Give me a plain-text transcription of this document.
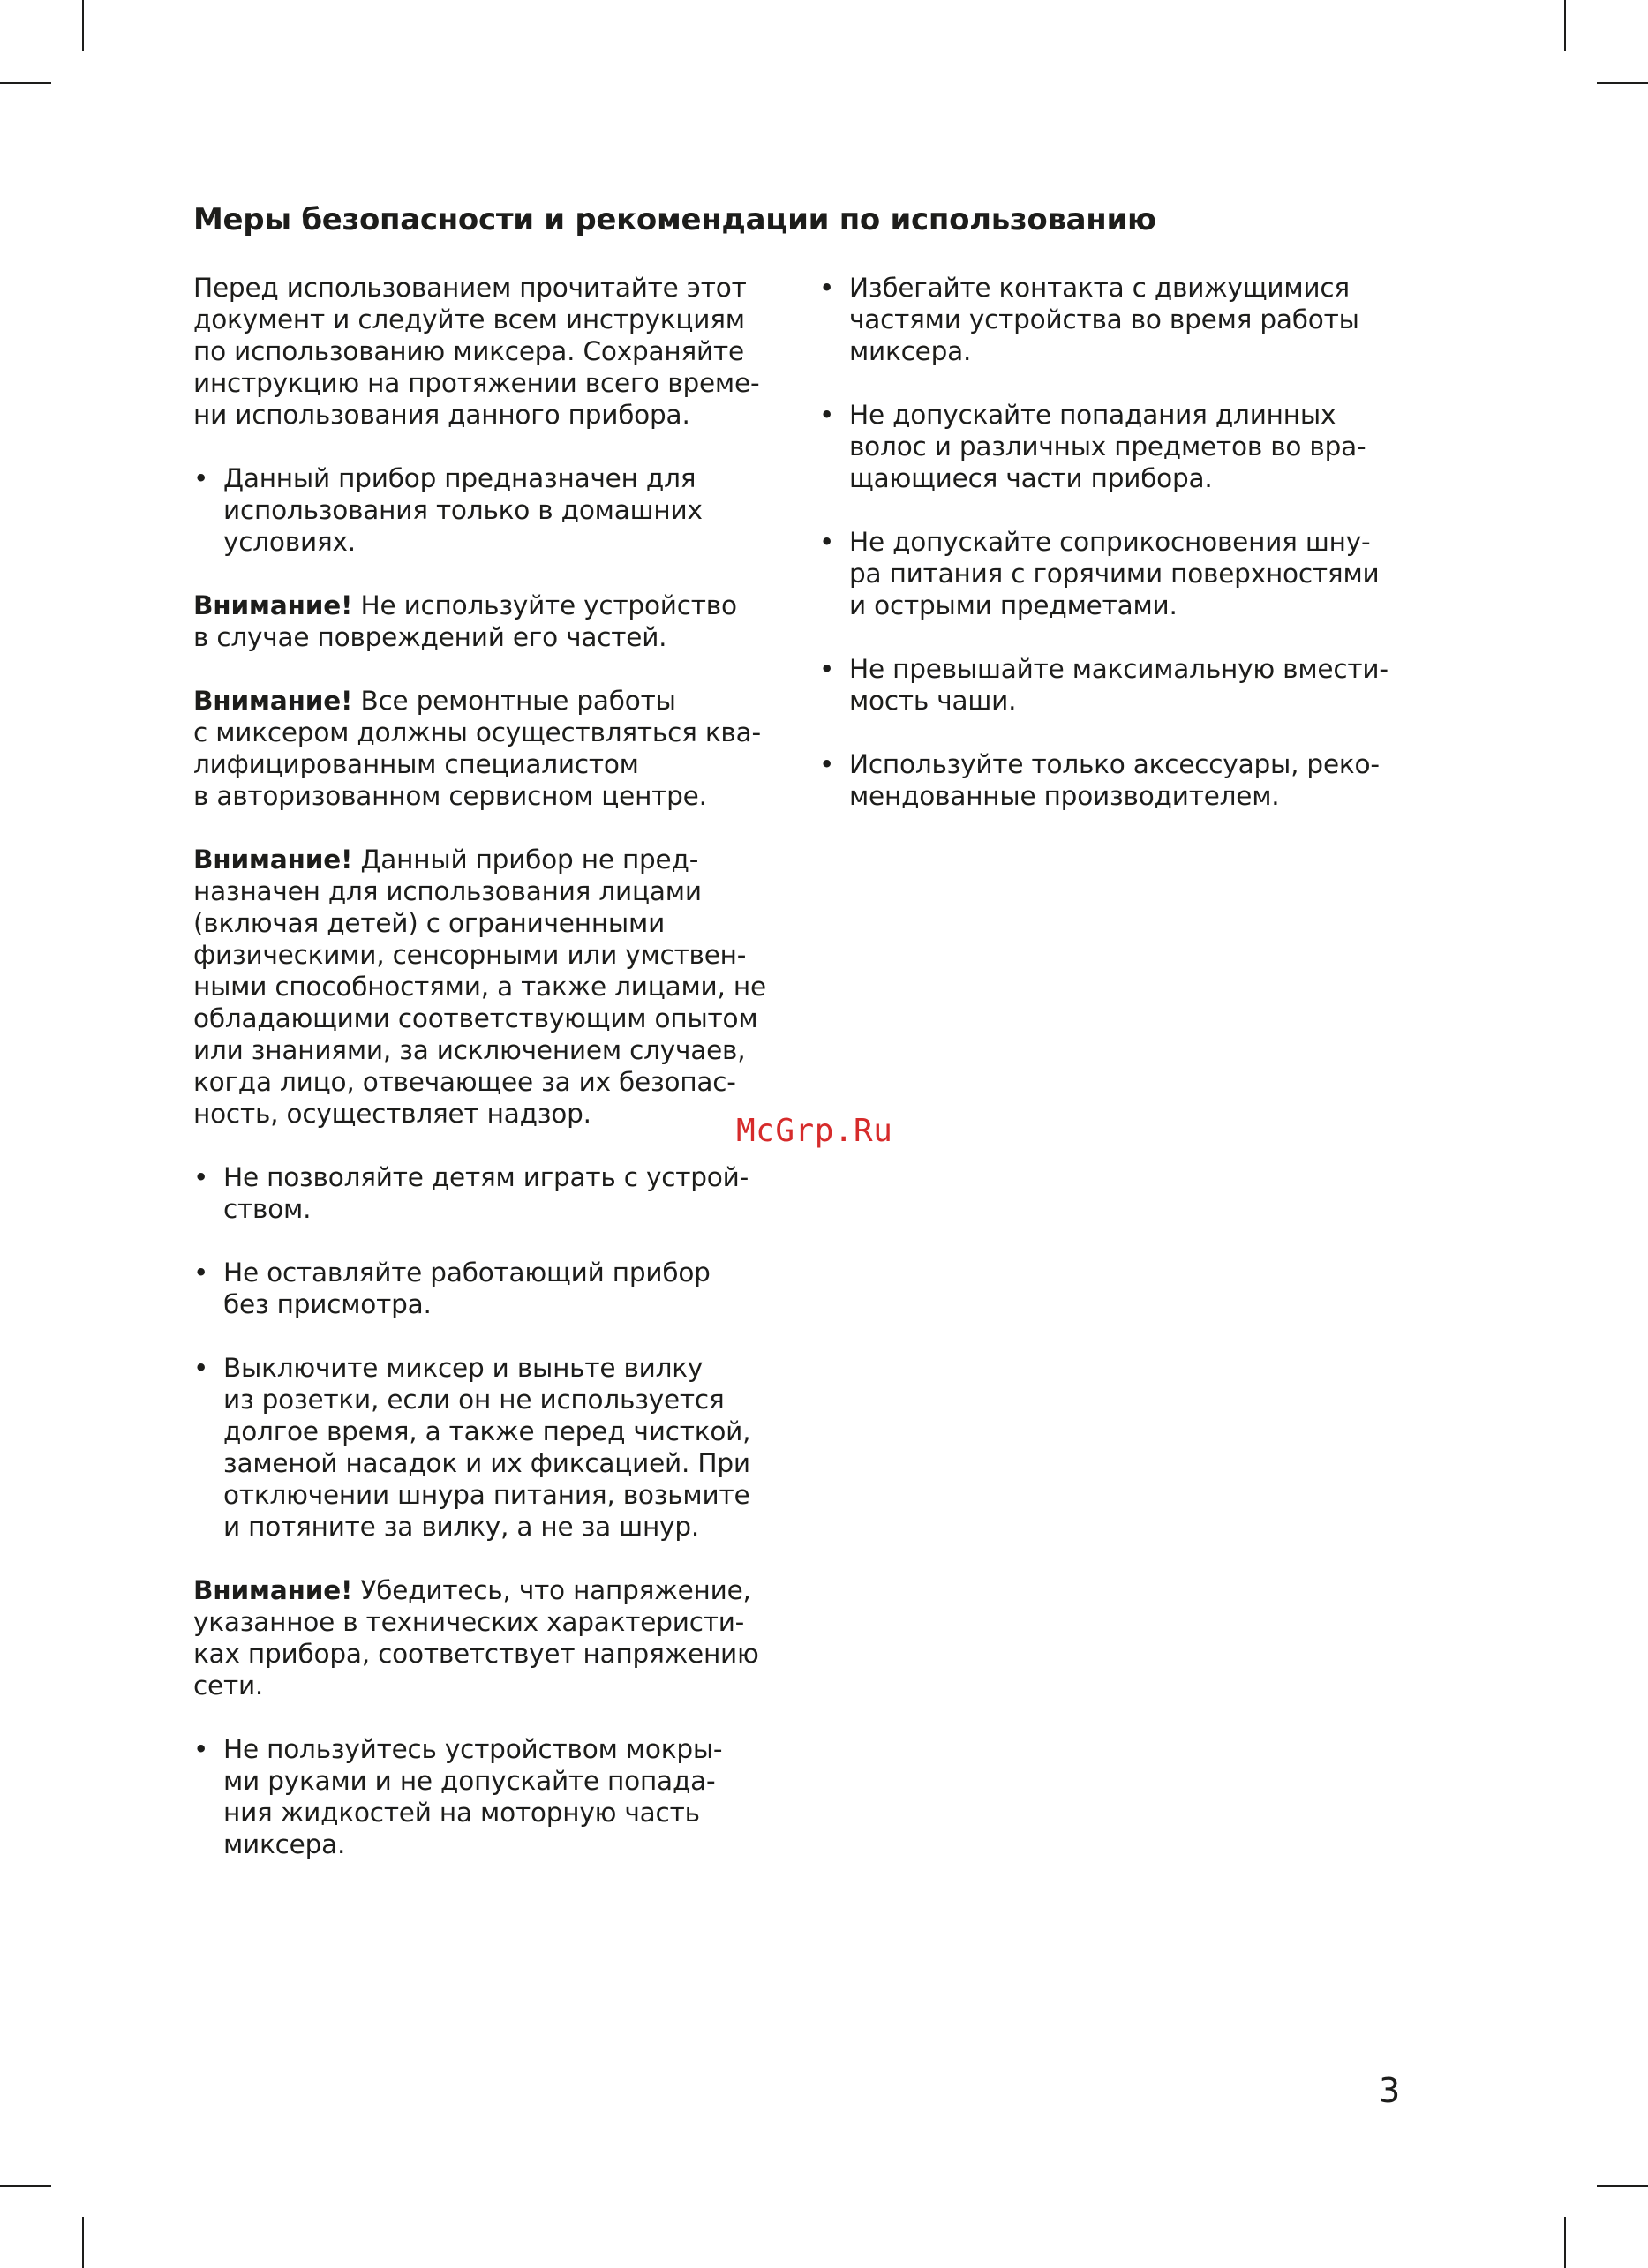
Меры безопасности и рекомендации по использованию
Перед использованием прочитайте этот
документ и следуйте всем инструкциям
по использованию миксера. Сохраняйте
инструкцию на протяжении всего време-
ни использования данного прибора.
• Данный прибор предназначен для
использования только в домашних
условиях.
Внимание! Не используйте устройство
в случае повреждений его частей.
Внимание! Все ремонтные работы
с миксером должны осуществляться ква-
лифицированным специалистом
в авторизованном сервисном центре.
Внимание! Данный прибор не пред-
назначен для использования лицами
(включая детей) с ограниченными
физическими, сенсорными или умствен-
ными способностями, а также лицами, не
обладающими соответствующим опытом
или знаниями, за исключением случаев,
когда лицо, отвечающее за их безопас-
ность, осуществляет надзор.
• Не позволяйте детям играть с устрой-
ством.
• Не оставляйте работающий прибор
без присмотра.
• Выключите миксер и выньте вилку
из розетки, если он не используется
долгое время, а также перед чисткой,
заменой насадок и их фиксацией. При
отключении шнура питания, возьмите
и потяните за вилку, а не за шнур.
Внимание! Убедитесь, что напряжение,
указанное в технических характеристи-
ках прибора, соответствует напряжению
сети.
• Не пользуйтесь устройством мокры-
ми руками и не допускайте попада-
ния жидкостей на моторную часть
миксера.
• Избегайте контакта с движущимися
частями устройства во время работы
миксера.
• Не допускайте попадания длинных
волос и различных предметов во вра-
щающиеся части прибора.
• Не допускайте соприкосновения шну-
ра питания с горячими поверхностями
и острыми предметами.
• Не превышайте максимальную вмести-
мость чаши.
• Используйте только аксессуары, реко-
мендованные производителем.
McGrp.Ru
3
